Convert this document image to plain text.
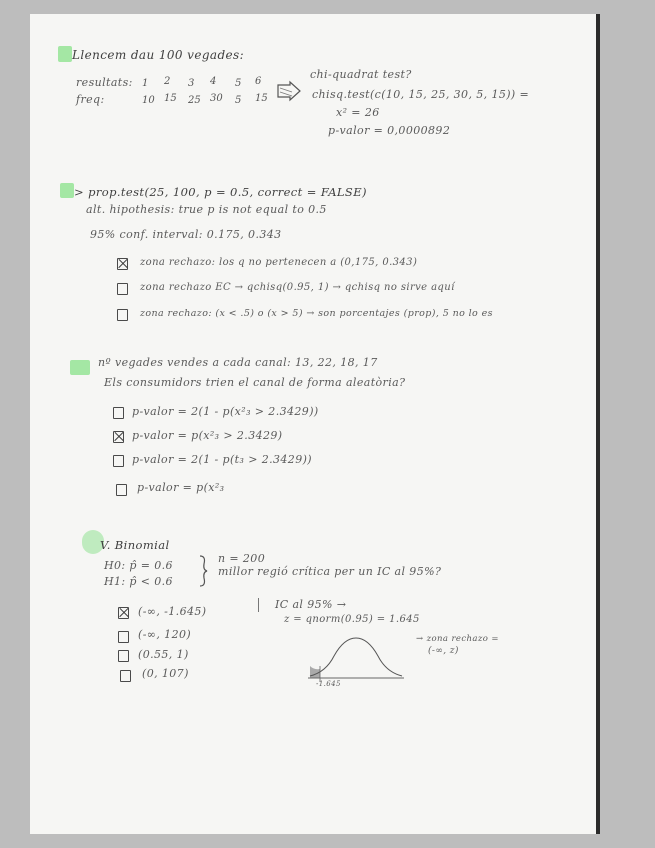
Llencem dau 100 vegades:
resultats:
freq:
1 2 3 4 5 6
10 15 25 30 5 15
chi-quadrat test?
chisq.test(c(10, 15, 25, 30, 5, 15)) =
x² = 26
p-valor = 0,0000892
> prop.test(25, 100, p = 0.5, correct = FALSE)
alt. hipothesis: true p is not equal to 0.5
95% conf. interval: 0.175, 0.343
zona rechazo: los q no pertenecen a (0,175, 0.343)
zona rechazo EC → qchisq(0.95, 1) → qchisq no sirve aquí
zona rechazo: (x < .5) o (x > 5) → son porcentajes (prop), 5 no lo es
nº vegades vendes a cada canal: 13, 22, 18, 17
Els consumidors trien el canal de forma aleatòria?
p-valor = 2(1 - p(x²₃ > 2.3429))
p-valor = p(x²₃ > 2.3429)
p-valor = 2(1 - p(t₃ > 2.3429))
p-valor = p(x²₃
V. Binomial
H0: p̂ = 0.6
H1: p̂ < 0.6
n = 200
millor regió crítica per un IC al 95%?
(-∞, -1.645)
(-∞, 120)
(0.55, 1)
(0, 107)
IC al 95% →
z = qnorm(0.95) = 1.645
→ zona rechazo =
(-∞, z)
-1.645
